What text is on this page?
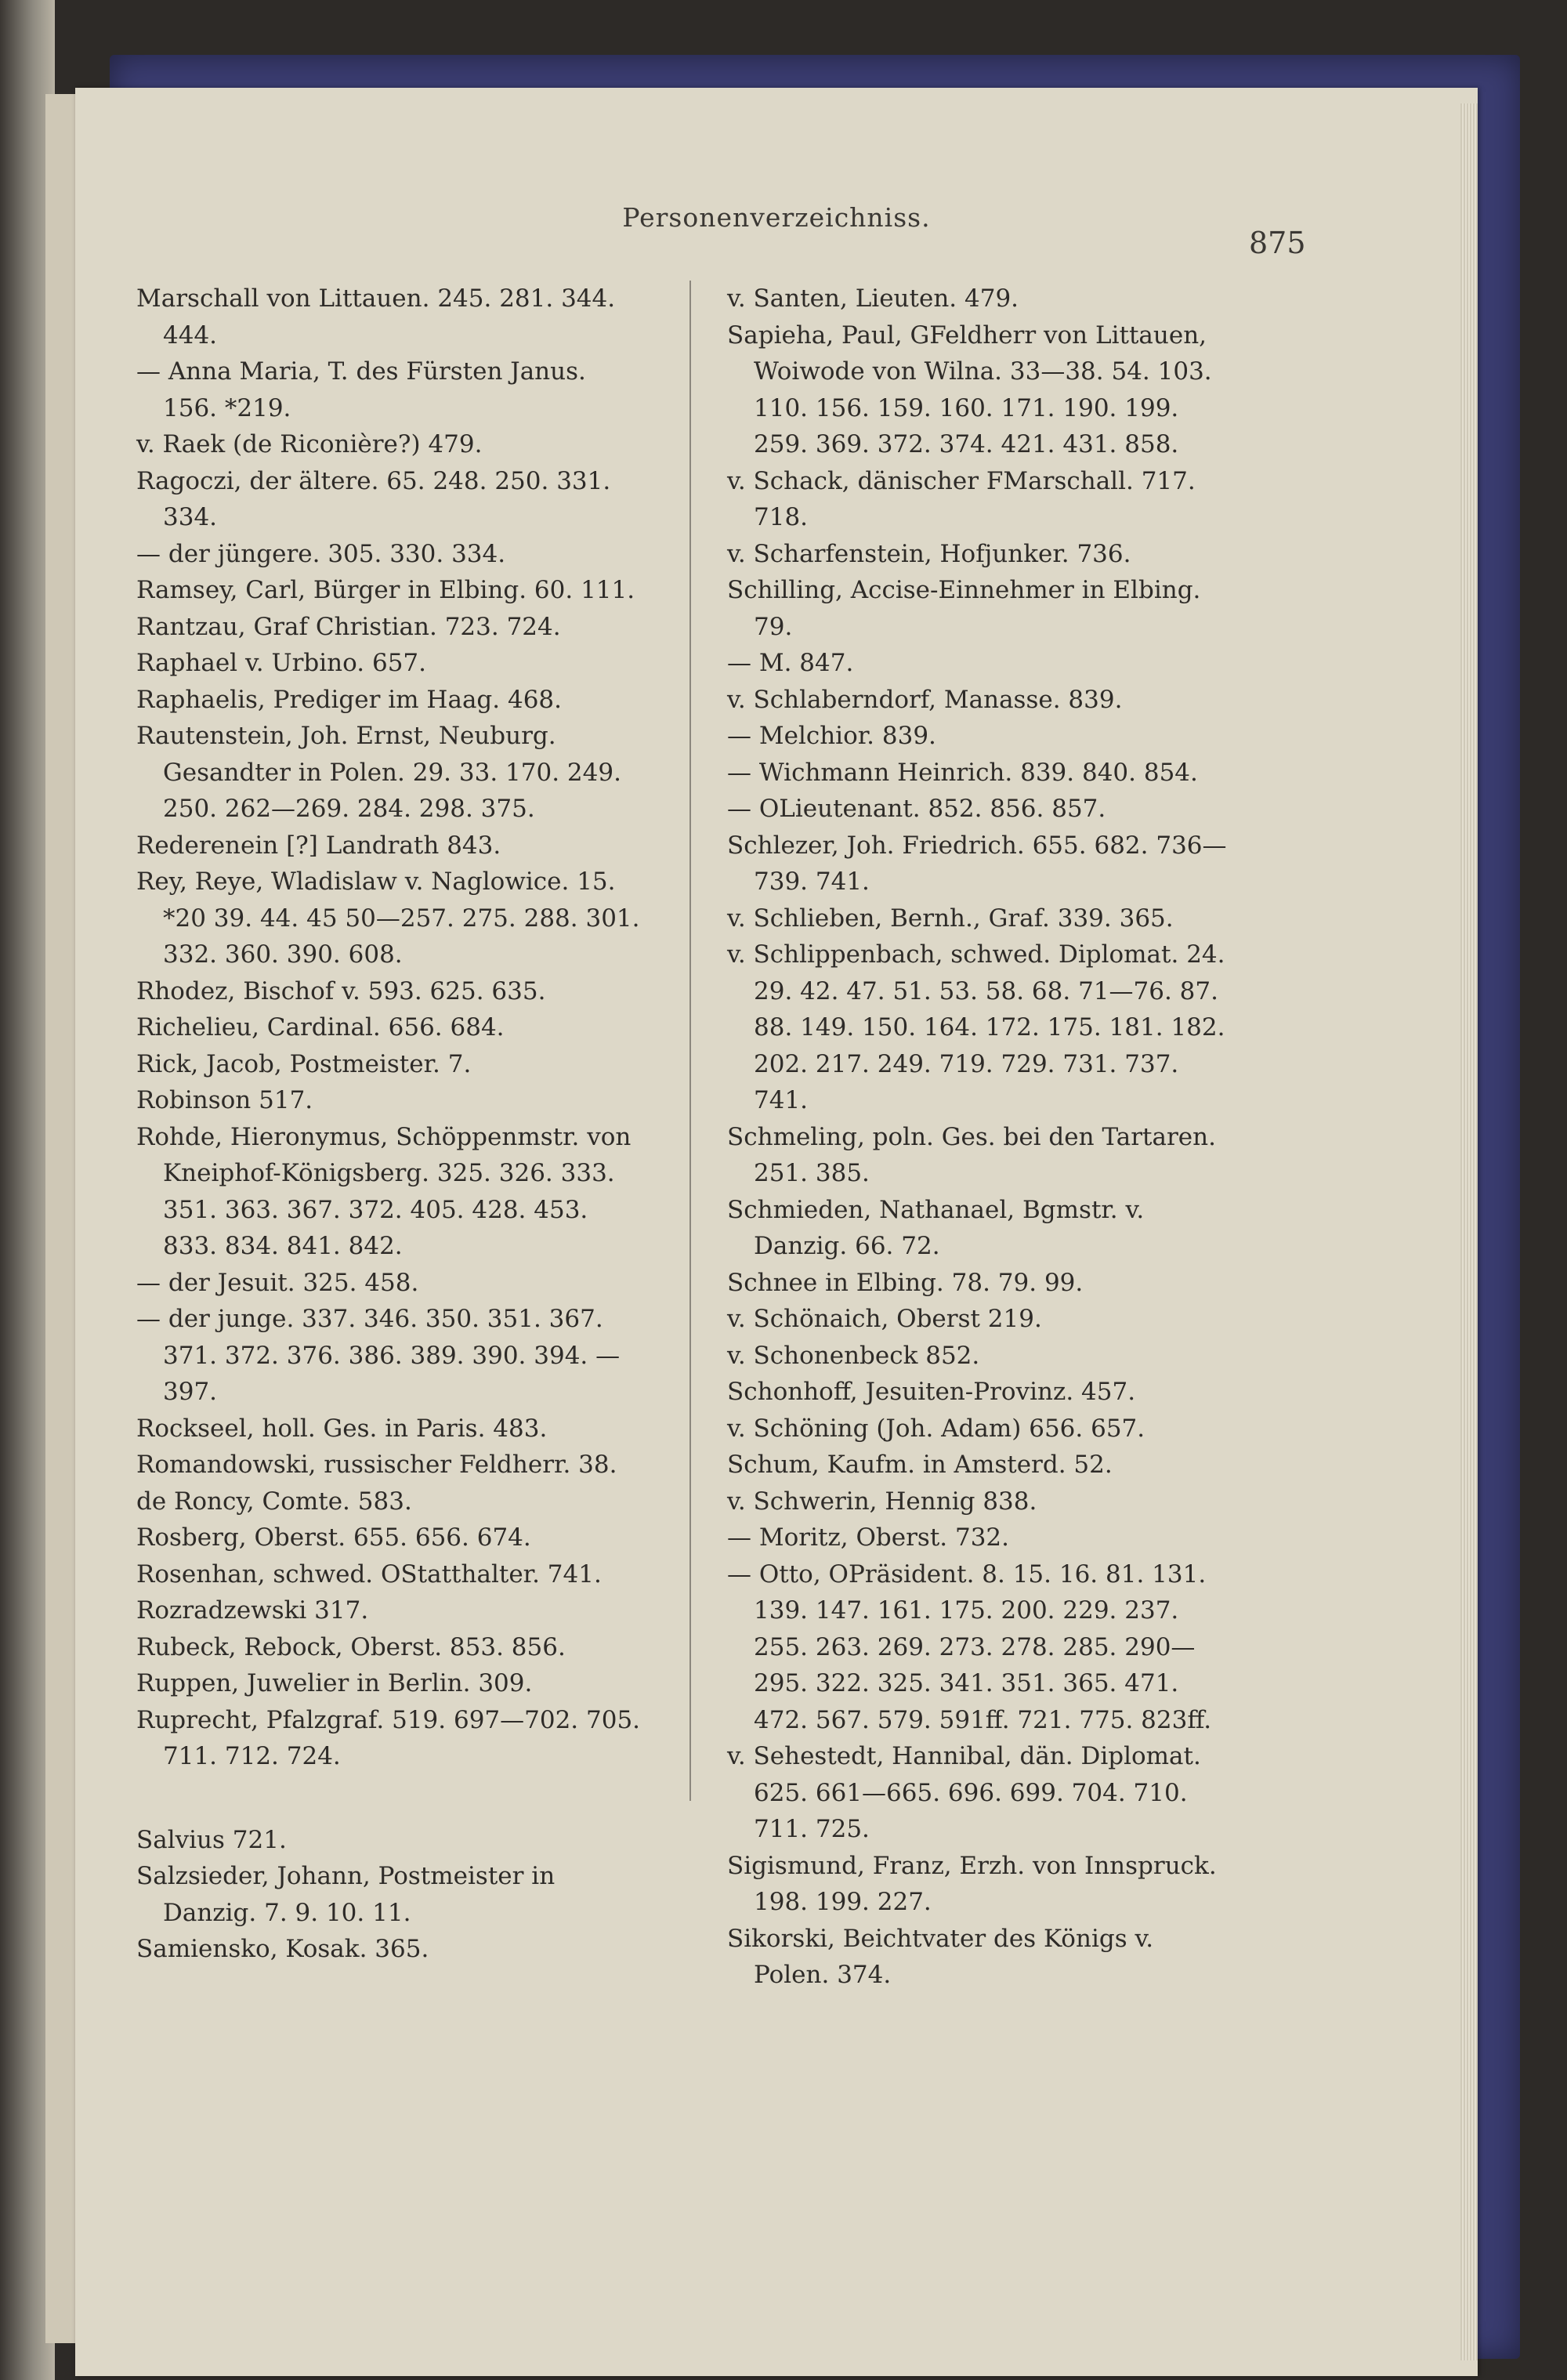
Personenverzeichniss.
875

Marschall von Littauen. 245. 281. 344. 444.

— Anna Maria, T. des Fürsten Janus. 156. *219.

v. Raek (de Riconière?) 479.

Ragoczi, der ältere. 65. 248. 250. 331. 334.

— der jüngere. 305. 330. 334.

Ramsey, Carl, Bürger in Elbing. 60. 111.

Rantzau, Graf Christian. 723. 724.

Raphael v. Urbino. 657.

Raphaelis, Prediger im Haag. 468.

Rautenstein, Joh. Ernst, Neuburg. Gesandter in Polen. 29. 33. 170. 249. 250. 262—269. 284. 298. 375.

Rederenein [?] Landrath 843.

Rey, Reye, Wladislaw v. Naglowice. 15. *20 39. 44. 45 50—257. 275. 288. 301. 332. 360. 390. 608.

Rhodez, Bischof v. 593. 625. 635.

Richelieu, Cardinal. 656. 684.

Rick, Jacob, Postmeister. 7.

Robinson 517.

Rohde, Hieronymus, Schöppenmstr. von Kneiphof-Königsberg. 325. 326. 333. 351. 363. 367. 372. 405. 428. 453. 833. 834. 841. 842.

— der Jesuit. 325. 458.

— der junge. 337. 346. 350. 351. 367. 371. 372. 376. 386. 389. 390. 394. —397.

Rockseel, holl. Ges. in Paris. 483.

Romandowski, russischer Feldherr. 38.

de Roncy, Comte. 583.

Rosberg, Oberst. 655. 656. 674.

Rosenhan, schwed. OStatthalter. 741.

Rozradzewski 317.

Rubeck, Rebock, Oberst. 853. 856.

Ruppen, Juwelier in Berlin. 309.

Ruprecht, Pfalzgraf. 519. 697—702. 705. 711. 712. 724.

Salvius 721.

Salzsieder, Johann, Postmeister in Danzig. 7. 9. 10. 11.

Samiensko, Kosak. 365.

v. Santen, Lieuten. 479.

Sapieha, Paul, GFeldherr von Littauen, Woiwode von Wilna. 33—38. 54. 103. 110. 156. 159. 160. 171. 190. 199. 259. 369. 372. 374. 421. 431. 858.

v. Schack, dänischer FMarschall. 717. 718.

v. Scharfenstein, Hofjunker. 736.

Schilling, Accise-Einnehmer in Elbing. 79.

— M. 847.

v. Schlaberndorf, Manasse. 839.

— Melchior. 839.

— Wichmann Heinrich. 839. 840. 854.

— OLieutenant. 852. 856. 857.

Schlezer, Joh. Friedrich. 655. 682. 736—739. 741.

v. Schlieben, Bernh., Graf. 339. 365.

v. Schlippenbach, schwed. Diplomat. 24. 29. 42. 47. 51. 53. 58. 68. 71—76. 87. 88. 149. 150. 164. 172. 175. 181. 182. 202. 217. 249. 719. 729. 731. 737. 741.

Schmeling, poln. Ges. bei den Tartaren. 251. 385.

Schmieden, Nathanael, Bgmstr. v. Danzig. 66. 72.

Schnee in Elbing. 78. 79. 99.

v. Schönaich, Oberst 219.

v. Schonenbeck 852.

Schonhoff, Jesuiten-Provinz. 457.

v. Schöning (Joh. Adam) 656. 657.

Schum, Kaufm. in Amsterd. 52.

v. Schwerin, Hennig 838.

— Moritz, Oberst. 732.

— Otto, OPräsident. 8. 15. 16. 81. 131. 139. 147. 161. 175. 200. 229. 237. 255. 263. 269. 273. 278. 285. 290—295. 322. 325. 341. 351. 365. 471. 472. 567. 579. 591ff. 721. 775. 823ff.

v. Sehestedt, Hannibal, dän. Diplomat. 625. 661—665. 696. 699. 704. 710. 711. 725.

Sigismund, Franz, Erzh. von Innspruck. 198. 199. 227.

Sikorski, Beichtvater des Königs v. Polen. 374.
